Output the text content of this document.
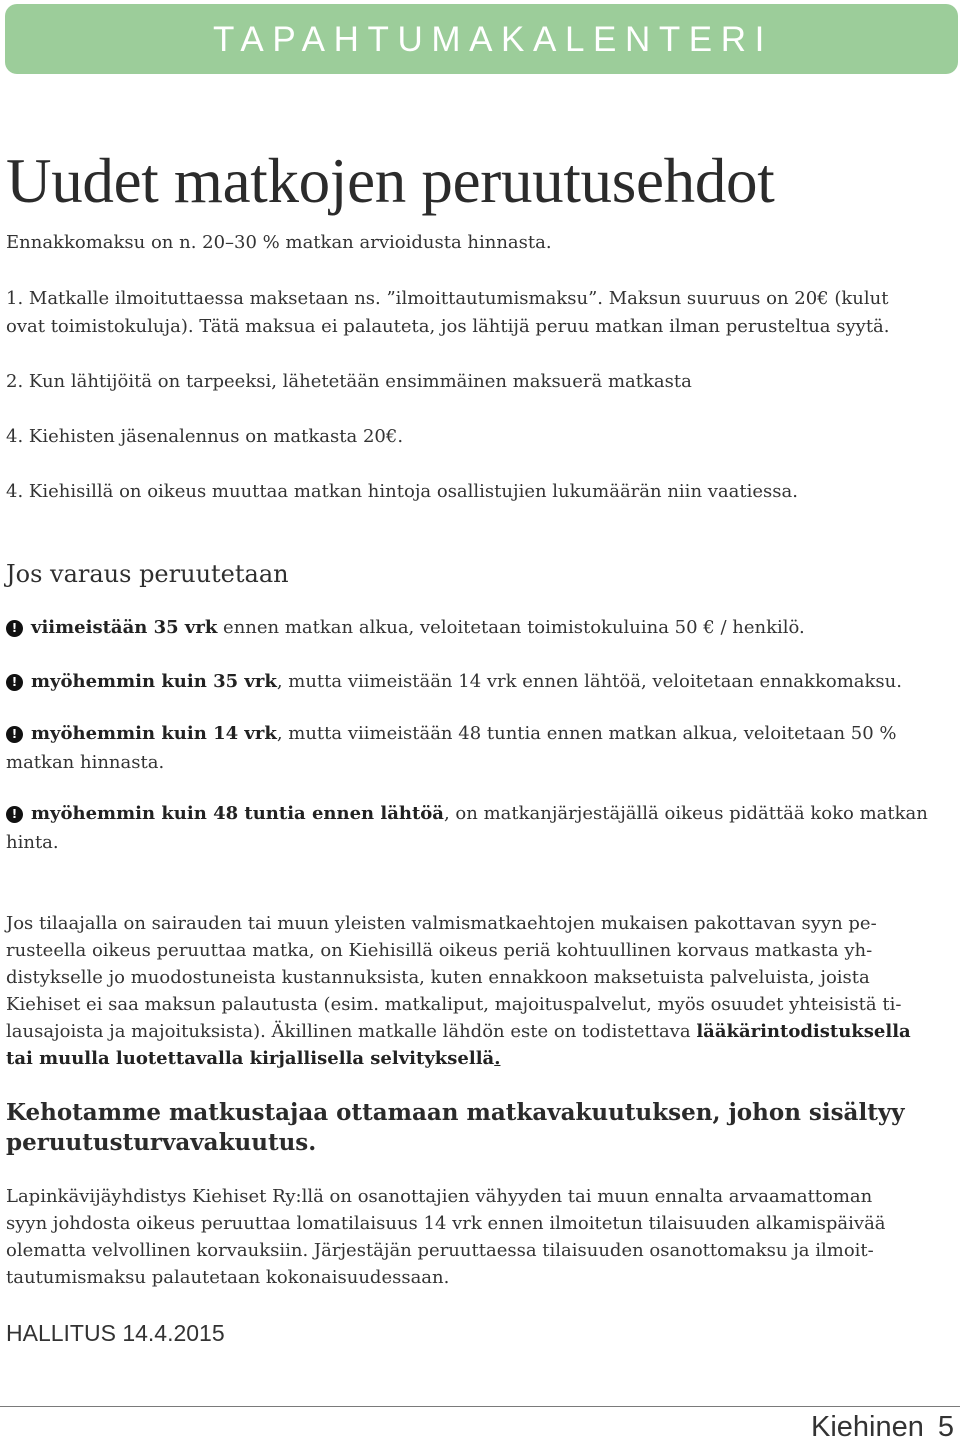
TAPAHTUMAKALENTERI
Uudet matkojen peruutusehdot
Ennakkomaksu on n. 20–30 % matkan arvioidusta hinnasta.
1. Matkalle ilmoituttaessa maksetaan ns. ”ilmoittautumismaksu”. Maksun suuruus on 20€ (kulut
ovat toimistokuluja). Tätä maksua ei palauteta, jos lähtijä peruu matkan ilman perusteltua syytä.
2. Kun lähtijöitä on tarpeeksi, lähetetään ensimmäinen maksuerä matkasta
4. Kiehisten jäsenalennus on matkasta 20€.
4. Kiehisillä on oikeus muuttaa matkan hintoja osallistujien lukumäärän niin vaatiessa.
Jos varaus peruutetaan
! viimeistään 35 vrk ennen matkan alkua, veloitetaan toimistokuluina 50 € / henkilö.
! myöhemmin kuin 35 vrk, mutta viimeistään 14 vrk ennen lähtöä, veloitetaan ennakkomaksu.
! myöhemmin kuin 14 vrk, mutta viimeistään 48 tuntia ennen matkan alkua, veloitetaan 50 % matkan hinnasta.
! myöhemmin kuin 48 tuntia ennen lähtöä, on matkanjärjestäjällä oikeus pidättää koko matkan hinta.
Jos tilaajalla on sairauden tai muun yleisten valmismatkaehtojen mukaisen pakottavan syyn pe-
rusteella oikeus peruuttaa matka, on Kiehisillä oikeus periä kohtuullinen korvaus matkasta yh-
distykselle jo muodostuneista kustannuksista, kuten ennakkoon maksetuista palveluista, joista
Kiehiset ei saa maksun palautusta (esim. matkaliput, majoituspalvelut, myös osuudet yhteisistä ti-
lausajoista ja majoituksista). Äkillinen matkalle lähdön este on todistettava lääkärintodistuksella
tai muulla luotettavalla kirjallisella selvityksellä.
Kehotamme matkustajaa ottamaan matkavakuutuksen, johon sisältyy peruutusturvavakuutus.
Lapinkävijäyhdistys Kiehiset Ry:llä on osanottajien vähyyden tai muun ennalta arvaamattoman
syyn johdosta oikeus peruuttaa lomatilaisuus 14 vrk ennen ilmoitetun tilaisuuden alkamispäivää
olematta velvollinen korvauksiin. Järjestäjän peruuttaessa tilaisuuden osanottomaksu ja ilmoit-
tautumismaksu palautetaan kokonaisuudessaan.
HALLITUS 14.4.2015
Kiehinen 5
